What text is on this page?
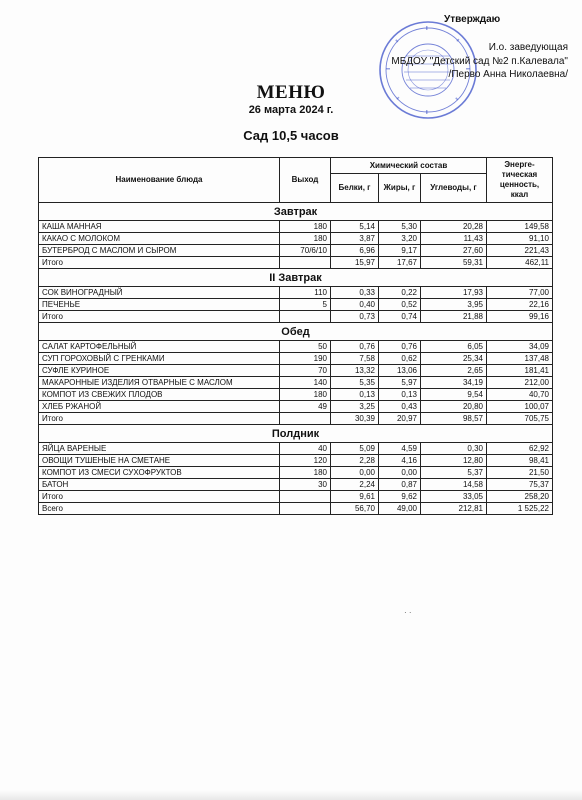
Утверждаю
И.о. заведующая
МБДОУ "Детский сад №2 п.Калевала"
/Перво Анна Николаевна/
МЕНЮ
26 марта 2024 г.
Сад 10,5 часов
Наименование блюда	Выход	Химический состав			Энерге-
тическая
ценность,
ккал
		Белки, г	Жиры, г	Углеводы, г	
Завтрак					
КАША МАННАЯ	180	5,14	5,30	20,28	149,58
КАКАО С МОЛОКОМ	180	3,87	3,20	11,43	91,10
БУТЕРБРОД С МАСЛОМ И СЫРОМ	70/6/10	6,96	9,17	27,60	221,43
Итого		15,97	17,67	59,31	462,11
II Завтрак					
СОК ВИНОГРАДНЫЙ	110	0,33	0,22	17,93	77,00
ПЕЧЕНЬЕ	5	0,40	0,52	3,95	22,16
Итого		0,73	0,74	21,88	99,16
Обед					
САЛАТ КАРТОФЕЛЬНЫЙ	50	0,76	0,76	6,05	34,09
СУП ГОРОХОВЫЙ С ГРЕНКАМИ	190	7,58	0,62	25,34	137,48
СУФЛЕ КУРИНОЕ	70	13,32	13,06	2,65	181,41
МАКАРОННЫЕ ИЗДЕЛИЯ ОТВАРНЫЕ С МАСЛОМ	140	5,35	5,97	34,19	212,00
КОМПОТ ИЗ СВЕЖИХ ПЛОДОВ	180	0,13	0,13	9,54	40,70
ХЛЕБ РЖАНОЙ	49	3,25	0,43	20,80	100,07
Итого		30,39	20,97	98,57	705,75
Полдник					
ЯЙЦА ВАРЕНЫЕ	40	5,09	4,59	0,30	62,92
ОВОЩИ ТУШЕНЫЕ НА СМЕТАНЕ	120	2,28	4,16	12,80	98,41
КОМПОТ ИЗ СМЕСИ СУХОФРУКТОВ	180	0,00	0,00	5,37	21,50
БАТОН	30	2,24	0,87	14,58	75,37
Итого		9,61	9,62	33,05	258,20
Всего		56,70	49,00	212,81	1 525,22
· ·
